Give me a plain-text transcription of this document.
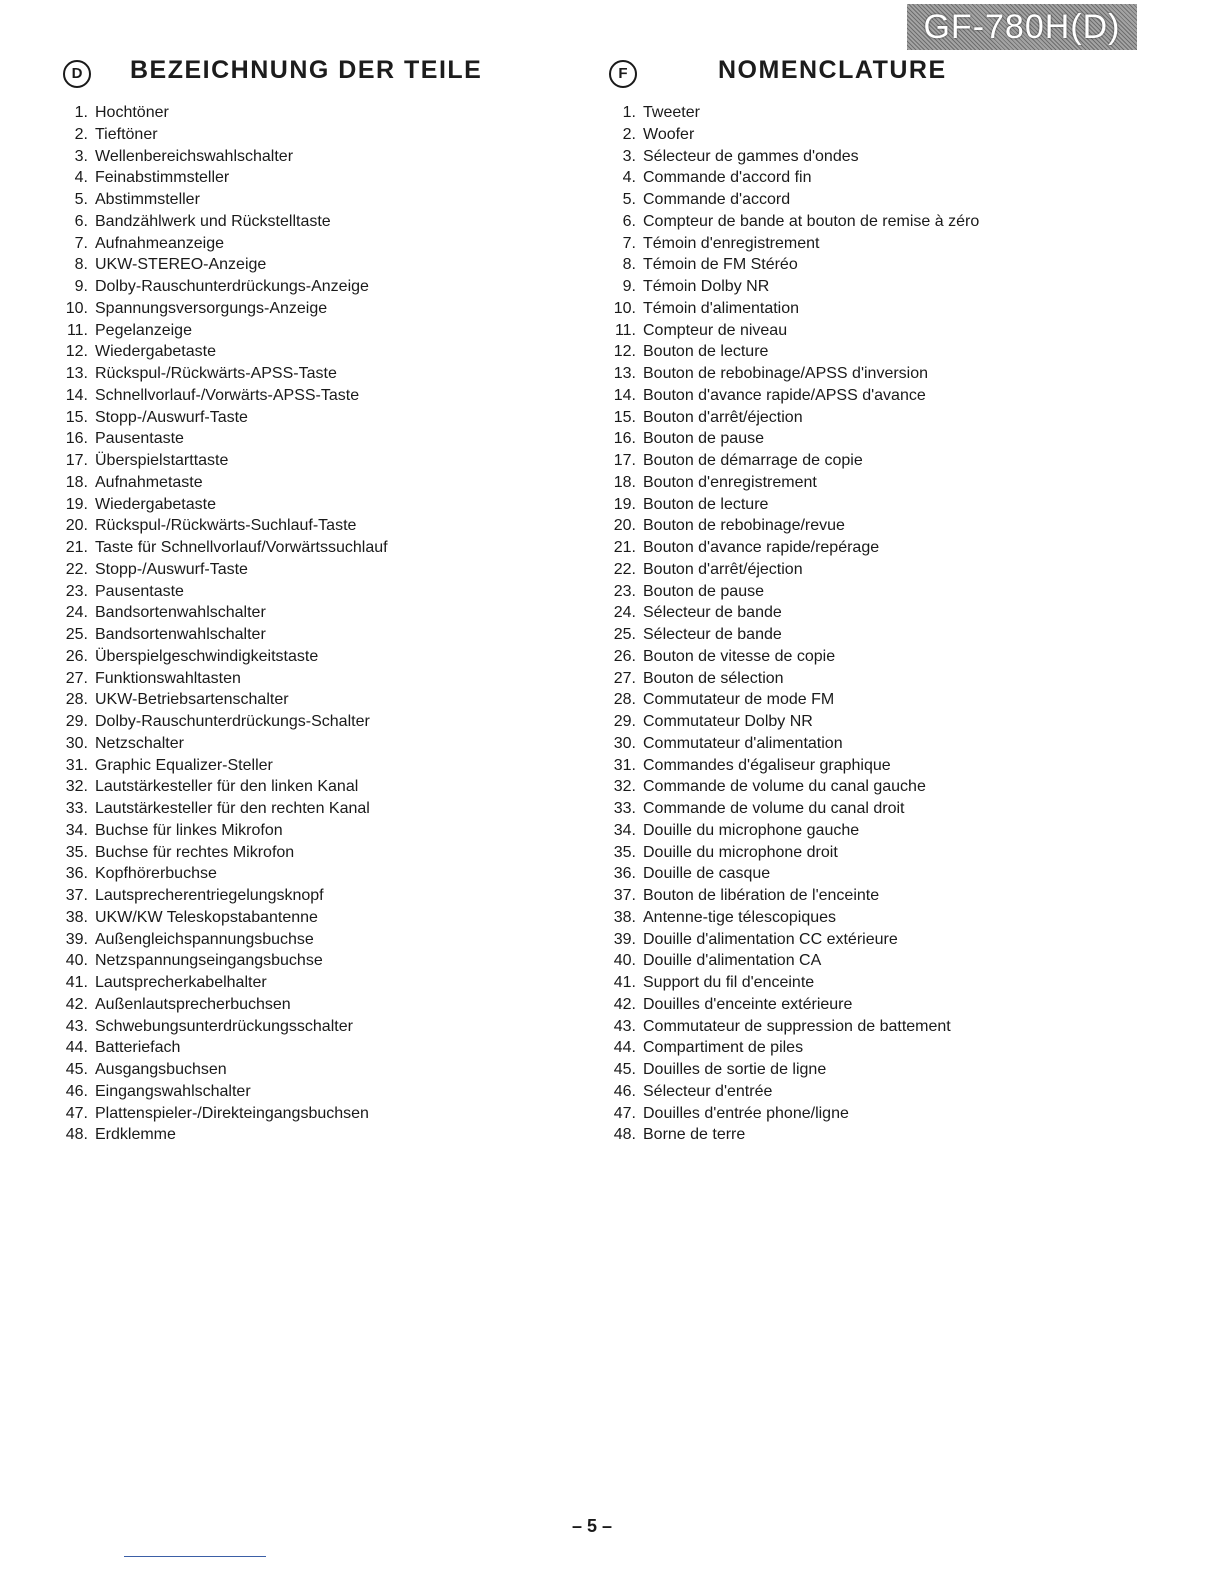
GF-780H(D)
D	BEZEICHNUNG DER TEILE
1. Hochtöner
2. Tieftöner
3. Wellenbereichswahlschalter
4. Feinabstimmsteller
5. Abstimmsteller
6. Bandzählwerk und Rückstelltaste
7. Aufnahmeanzeige
8. UKW-STEREO-Anzeige
9. Dolby-Rauschunterdrückungs-Anzeige
10. Spannungsversorgungs-Anzeige
11. Pegelanzeige
12. Wiedergabetaste
13. Rückspul-/Rückwärts-APSS-Taste
14. Schnellvorlauf-/Vorwärts-APSS-Taste
15. Stopp-/Auswurf-Taste
16. Pausentaste
17. Überspielstarttaste
18. Aufnahmetaste
19. Wiedergabetaste
20. Rückspul-/Rückwärts-Suchlauf-Taste
21. Taste für Schnellvorlauf/Vorwärtssuchlauf
22. Stopp-/Auswurf-Taste
23. Pausentaste
24. Bandsortenwahlschalter
25. Bandsortenwahlschalter
26. Überspielgeschwindigkeitstaste
27. Funktionswahltasten
28. UKW-Betriebsartenschalter
29. Dolby-Rauschunterdrückungs-Schalter
30. Netzschalter
31. Graphic Equalizer-Steller
32. Lautstärkesteller für den linken Kanal
33. Lautstärkesteller für den rechten Kanal
34. Buchse für linkes Mikrofon
35. Buchse für rechtes Mikrofon
36. Kopfhörerbuchse
37. Lautsprecherentriegelungsknopf
38. UKW/KW Teleskopstabantenne
39. Außengleichspannungsbuchse
40. Netzspannungseingangsbuchse
41. Lautsprecherkabelhalter
42. Außenlautsprecherbuchsen
43. Schwebungsunterdrückungsschalter
44. Batteriefach
45. Ausgangsbuchsen
46. Eingangswahlschalter
47. Plattenspieler-/Direkteingangsbuchsen
48. Erdklemme
F	NOMENCLATURE
1. Tweeter
2. Woofer
3. Sélecteur de gammes d'ondes
4. Commande d'accord fin
5. Commande d'accord
6. Compteur de bande at bouton de remise à zéro
7. Témoin d'enregistrement
8. Témoin de FM Stéréo
9. Témoin Dolby NR
10. Témoin d'alimentation
11. Compteur de niveau
12. Bouton de lecture
13. Bouton de rebobinage/APSS d'inversion
14. Bouton d'avance rapide/APSS d'avance
15. Bouton d'arrêt/éjection
16. Bouton de pause
17. Bouton de démarrage de copie
18. Bouton d'enregistrement
19. Bouton de lecture
20. Bouton de rebobinage/revue
21. Bouton d'avance rapide/repérage
22. Bouton d'arrêt/éjection
23. Bouton de pause
24. Sélecteur de bande
25. Sélecteur de bande
26. Bouton de vitesse de copie
27. Bouton de sélection
28. Commutateur de mode FM
29. Commutateur Dolby NR
30. Commutateur d'alimentation
31. Commandes d'égaliseur graphique
32. Commande de volume du canal gauche
33. Commande de volume du canal droit
34. Douille du microphone gauche
35. Douille du microphone droit
36. Douille de casque
37. Bouton de libération de l'enceinte
38. Antenne-tige télescopiques
39. Douille d'alimentation CC extérieure
40. Douille d'alimentation CA
41. Support du fil d'enceinte
42. Douilles d'enceinte extérieure
43. Commutateur de suppression de battement
44. Compartiment de piles
45. Douilles de sortie de ligne
46. Sélecteur d'entrée
47. Douilles d'entrée phone/ligne
48. Borne de terre
– 5 –
